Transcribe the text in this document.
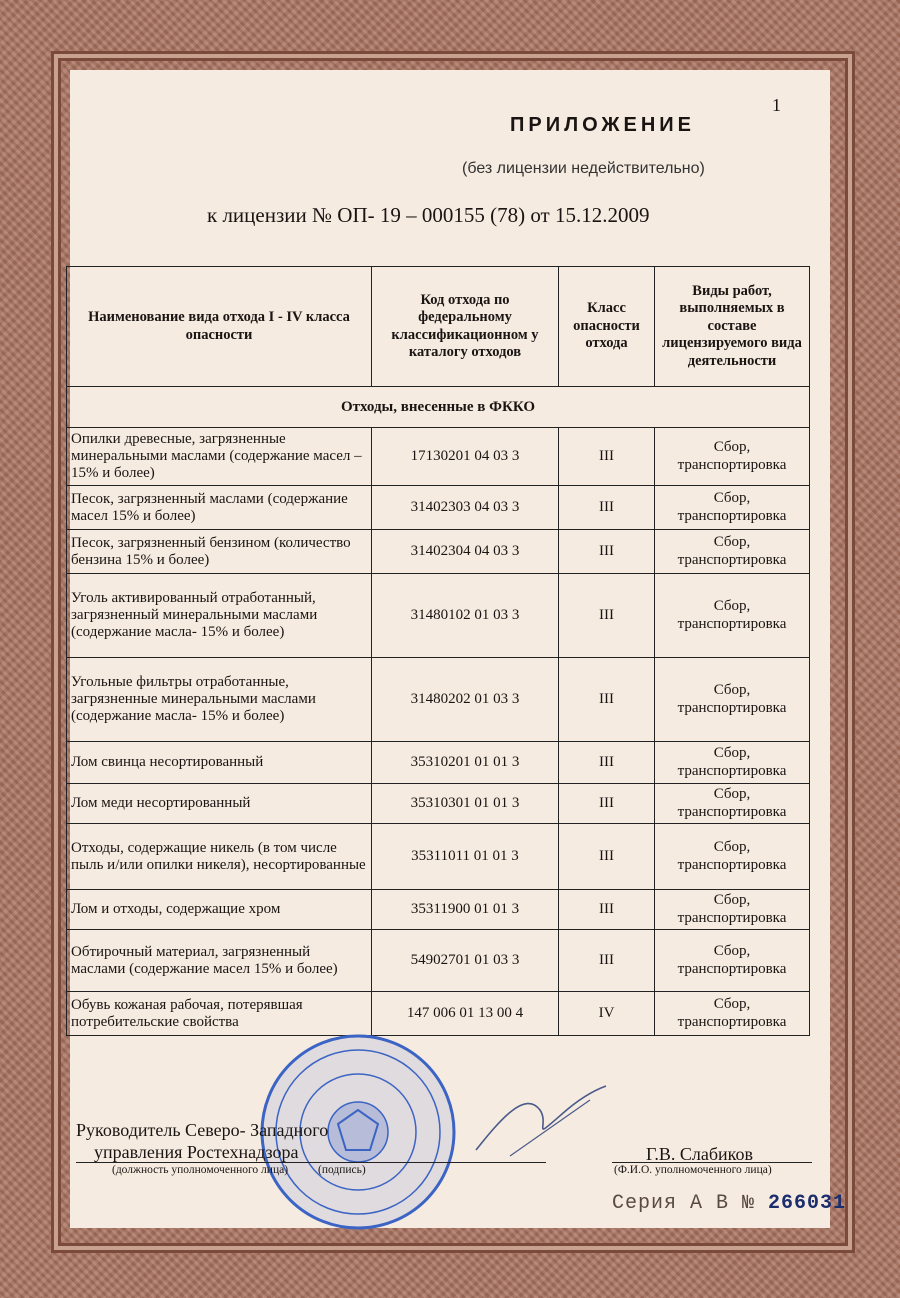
1
ПРИЛОЖЕНИЕ
(без лицензии недействительно)
к лицензии № ОП- 19 – 000155 (78) от 15.12.2009
Наименование вида отхода I - IV класса опасности	Код отхода по федеральному классификационном у каталогу отходов	Класс опасности отхода	Виды работ, выполняемых в составе лицензируемого вида деятельности
Отходы, внесенные в ФККО			
Опилки древесные, загрязненные минеральными маслами (содержание масел – 15% и более)	17130201 04 03 3	III	Сбор, транспортировка
Песок, загрязненный маслами (содержание масел 15% и более)	31402303 04 03 3	III	Сбор, транспортировка
Песок, загрязненный бензином (количество бензина 15% и более)	31402304 04 03 3	III	Сбор, транспортировка
Уголь активированный отработанный, загрязненный минеральными маслами (содержание масла- 15% и более)	31480102 01 03 3	III	Сбор, транспортировка
Угольные фильтры отработанные, загрязненные минеральными маслами (содержание масла- 15% и более)	31480202 01 03 3	III	Сбор, транспортировка
Лом свинца несортированный	35310201 01 01 3	III	Сбор, транспортировка
Лом меди несортированный	35310301 01 01 3	III	Сбор, транспортировка
Отходы, содержащие никель (в том числе пыль и/или опилки никеля), несортированные	35311011 01 01 3	III	Сбор, транспортировка
Лом и отходы, содержащие хром	35311900 01 01 3	III	Сбор, транспортировка
Обтирочный материал, загрязненный маслами (содержание масел 15% и более)	54902701 01 03 3	III	Сбор, транспортировка
Обувь кожаная рабочая, потерявшая потребительские свойства	147 006 01 13 00 4	IV	Сбор, транспортировка
Руководитель Северо- Западного
управления Ростехнадзора
(должность уполномоченного лица)	(подпись)
Г.В. Слабиков
(Ф.И.О. уполномоченного лица)
Серия А В № 266031
